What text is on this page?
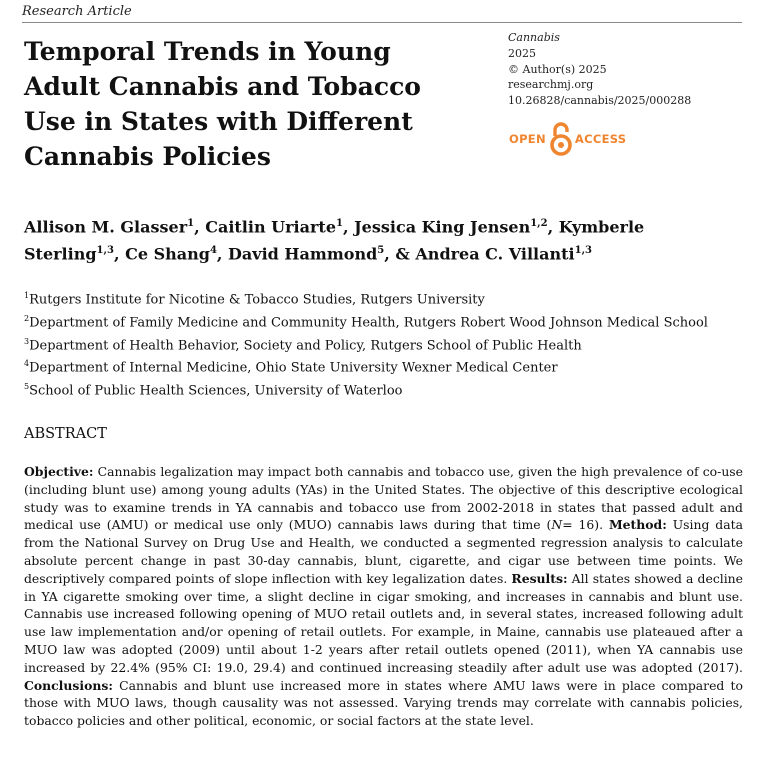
Research Article
Temporal Trends in Young Adult Cannabis and Tobacco Use in States with Different Cannabis Policies
Cannabis
2025
© Author(s) 2025
researchmj.org
10.26828/cannabis/2025/000288
OPEN	ACCESS

Allison M. Glasser$^1$, Caitlin Uriarte$^1$, Jessica King Jensen$^{1,2}$, Kymberle Sterling$^{1,3}$, Ce Shang$^4$, David Hammond$^5$, & Andrea C. Villanti$^{1,3}$

$^1$Rutgers Institute for Nicotine & Tobacco Studies, Rutgers University
$^2$Department of Family Medicine and Community Health, Rutgers Robert Wood Johnson Medical School
$^3$Department of Health Behavior, Society and Policy, Rutgers School of Public Health
$^4$Department of Internal Medicine, Ohio State University Wexner Medical Center
$^5$School of Public Health Sciences, University of Waterloo
ABSTRACT

Objective: Cannabis legalization may impact both cannabis and tobacco use, given the high prevalence of co-use (including blunt use) among young adults (YAs) in the United States. The objective of this descriptive ecological study was to examine trends in YA cannabis and tobacco use from 2002-2018 in states that passed adult and medical use (AMU) or medical use only (MUO) cannabis laws during that time (N= 16). Method: Using data from the National Survey on Drug Use and Health, we conducted a segmented regression analysis to calculate absolute percent change in past 30-day cannabis, blunt, cigarette, and cigar use between time points. We descriptively compared points of slope inflection with key legalization dates. Results: All states showed a decline in YA cigarette smoking over time, a slight decline in cigar smoking, and increases in cannabis and blunt use. Cannabis use increased following opening of MUO retail outlets and, in several states, increased following adult use law implementation and/or opening of retail outlets. For example, in Maine, cannabis use plateaued after a MUO law was adopted (2009) until about 1-2 years after retail outlets opened (2011), when YA cannabis use increased by 22.4% (95% CI: 19.0, 29.4) and continued increasing steadily after adult use was adopted (2017). Conclusions: Cannabis and blunt use increased more in states where AMU laws were in place compared to those with MUO laws, though causality was not assessed. Varying trends may correlate with cannabis policies, tobacco policies and other political, economic, or social factors at the state level.
